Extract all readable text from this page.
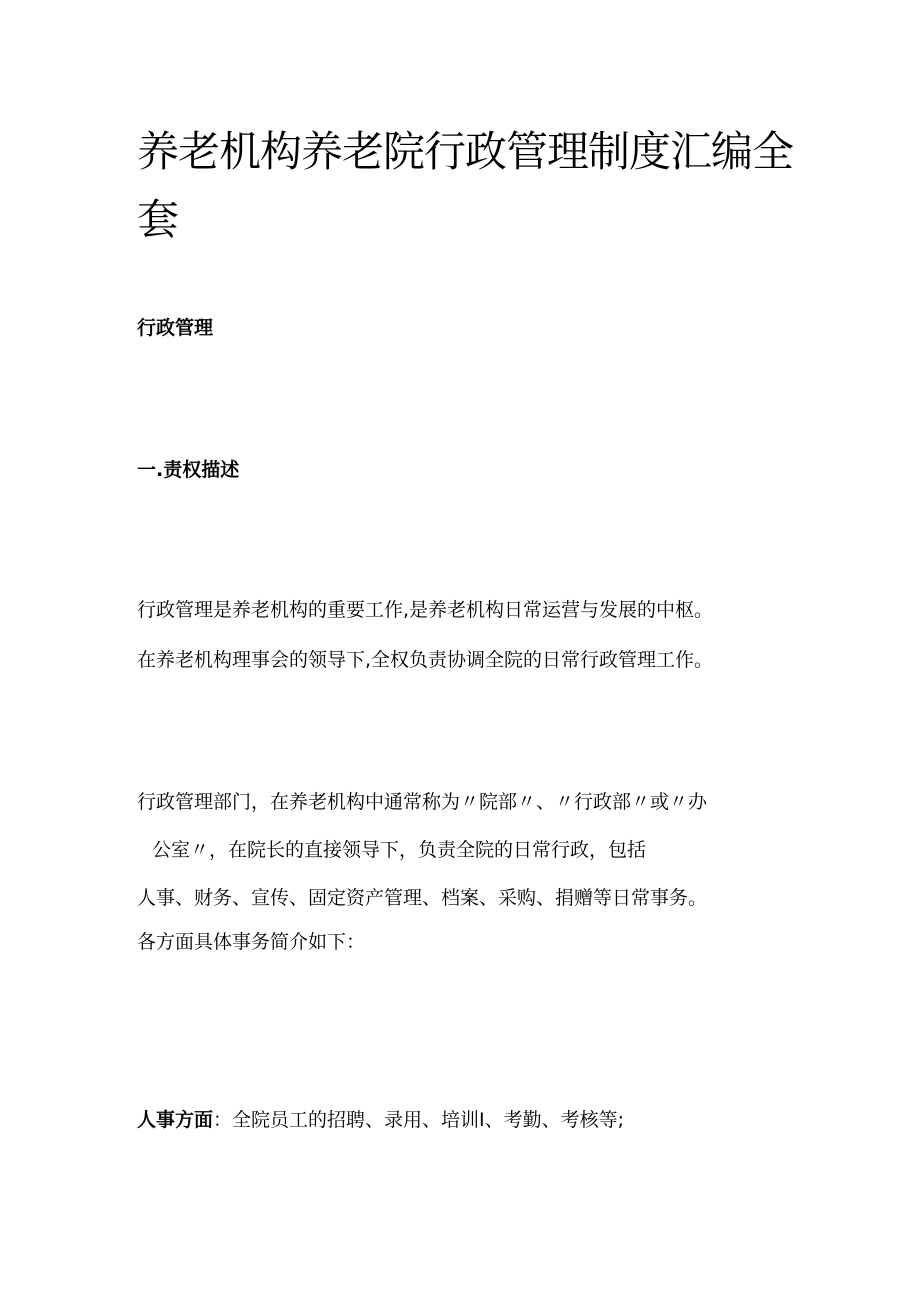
养老机构养老院行政管理制度汇编全套
行政管理
一.责权描述
行政管理是养老机构的重要工作,是养老机构日常运营与发展的中枢。
在养老机构理事会的领导下,全权负责协调全院的日常行政管理工作。
行政管理部门，在养老机构中通常称为〃院部〃、〃行政部〃或〃办
公室〃，在院长的直接领导下，负责全院的日常行政，包括
人事、财务、宣传、固定资产管理、档案、采购、捐赠等日常事务。
各方面具体事务简介如下：

人事方面：全院员工的招聘、录用、培训I、考勤、考核等;
